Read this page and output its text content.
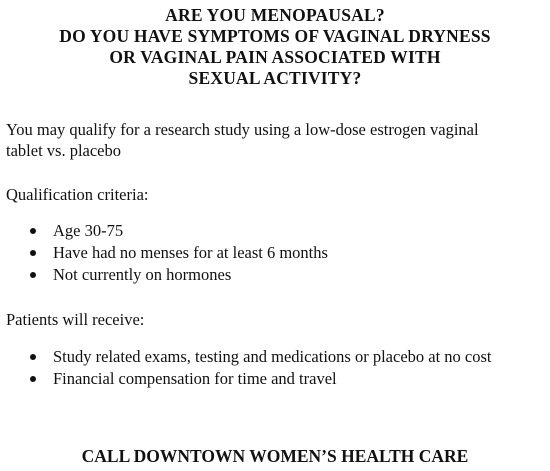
ARE YOU MENOPAUSAL?
DO YOU HAVE SYMPTOMS OF VAGINAL DRYNESS
OR VAGINAL PAIN ASSOCIATED WITH
SEXUAL ACTIVITY?

You may qualify for a research study using a low-dose estrogen vaginal

tablet vs. placebo

Qualification criteria:

Age 30-75
Have had no menses for at least 6 months
Not currently on hormones

Patients will receive:

Study related exams, testing and medications or placebo at no cost
Financial compensation for time and travel
CALL DOWNTOWN WOMEN’S HEALTH CARE
